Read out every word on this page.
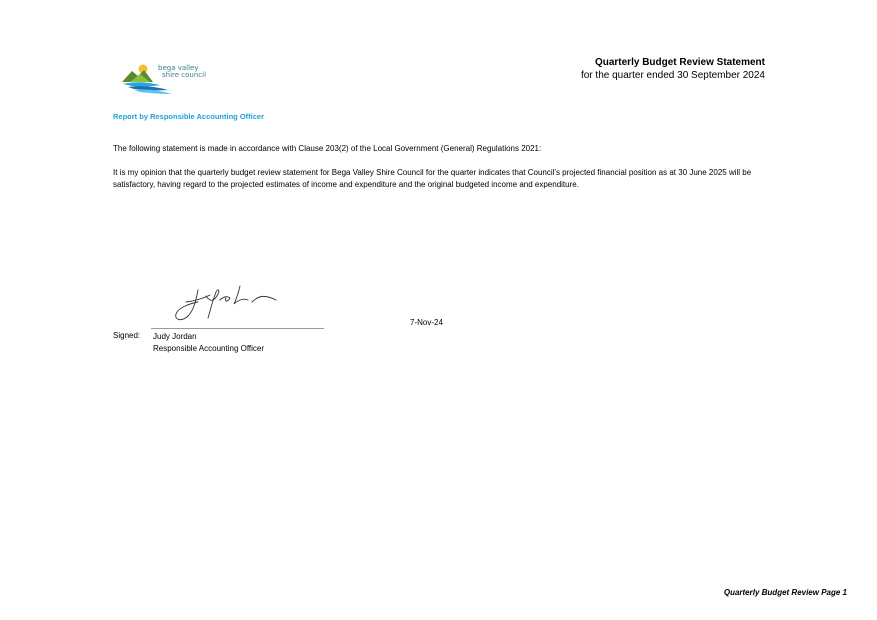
bega valley
shire council
Quarterly Budget Review Statement
for the quarter ended 30 September 2024
Report by Responsible Accounting Officer
The following statement is made in accordance with Clause 203(2) of the Local Government (General) Regulations 2021:
It is my opinion that the quarterly budget review statement for Bega Valley Shire Council for the quarter indicates that Council's projected financial position as at 30 June 2025 will be satisfactory, having regard to the projected estimates of income and expenditure and the original budgeted income and expenditure.
7-Nov-24
Signed: Judy Jordan
Responsible Accounting Officer
Quarterly Budget Review Page 1
